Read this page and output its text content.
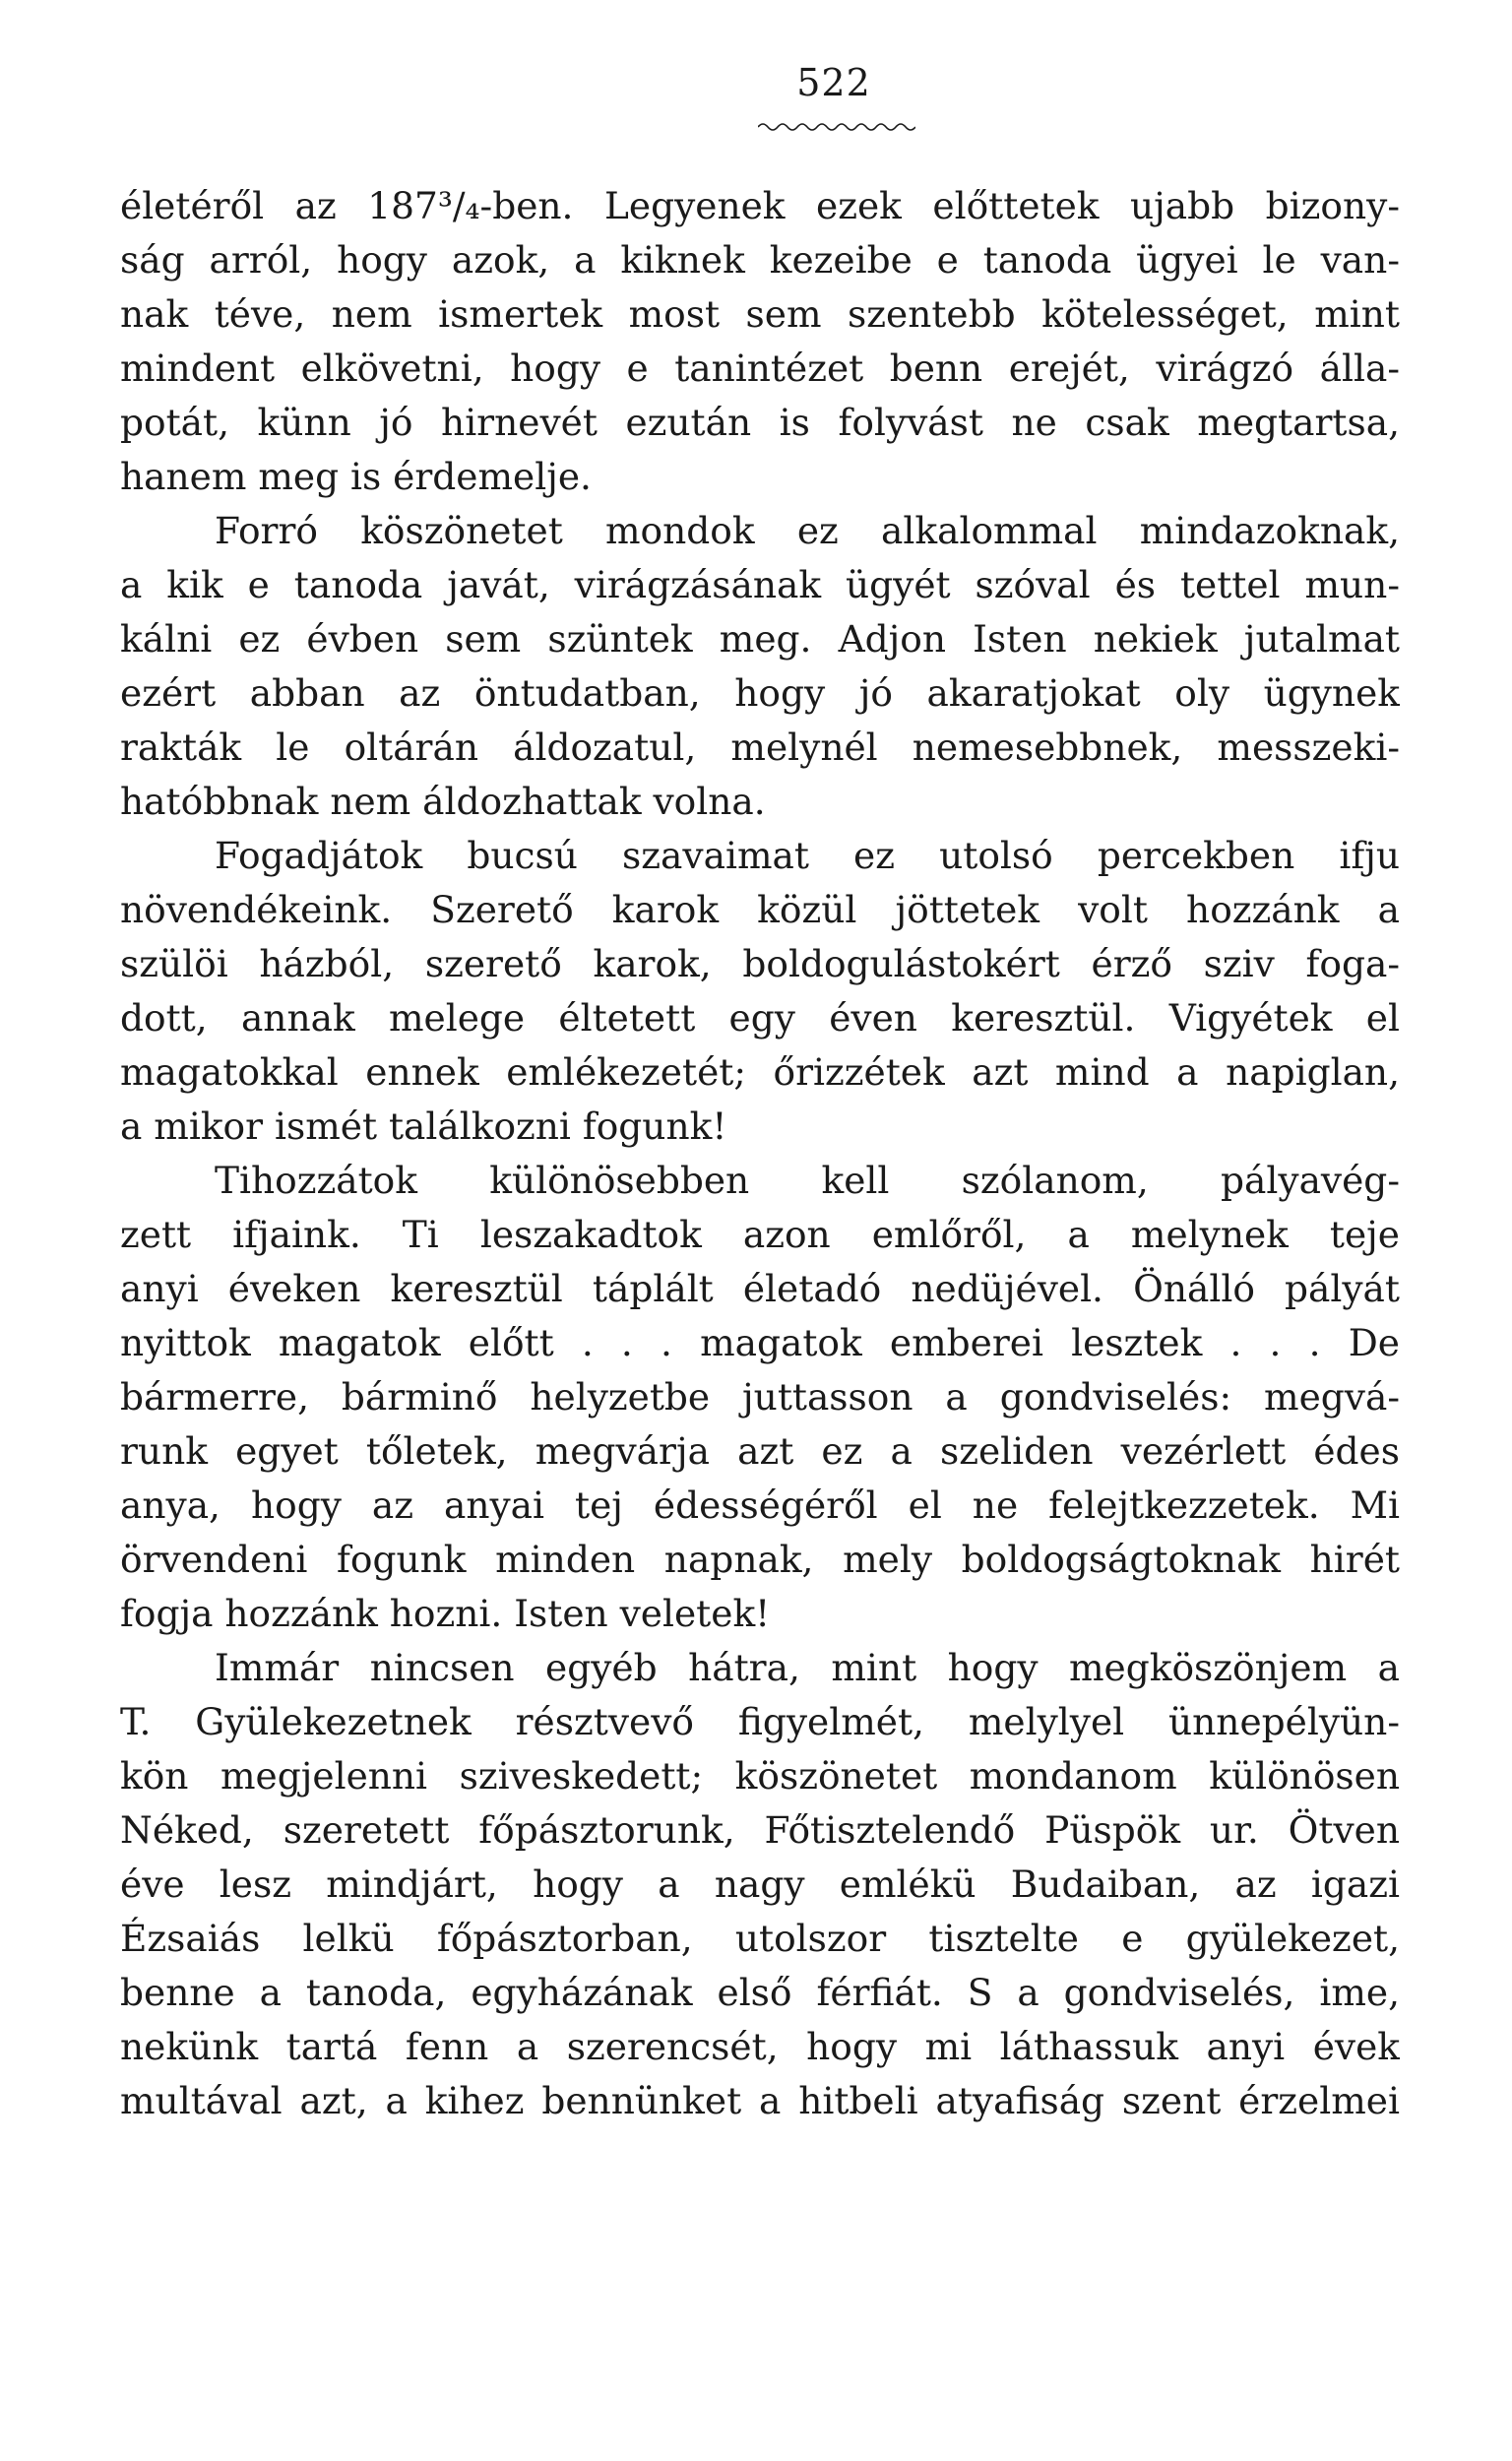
522
életéről az 187³/₄-ben. Legyenek ezek előttetek ujabb bizony-
ság arról, hogy azok, a kiknek kezeibe e tanoda ügyei le van-
nak téve, nem ismertek most sem szentebb kötelességet, mint
mindent elkövetni, hogy e tanintézet benn erejét, virágzó álla-
potát, künn jó hirnevét ezután is folyvást ne csak megtartsa,
hanem meg is érdemelje.
Forró köszönetet mondok ez alkalommal mindazoknak,
a kik e tanoda javát, virágzásának ügyét szóval és tettel mun-
kálni ez évben sem szüntek meg. Adjon Isten nekiek jutalmat
ezért abban az öntudatban, hogy jó akaratjokat oly ügynek
rakták le oltárán áldozatul, melynél nemesebbnek, messzeki-
hatóbbnak nem áldozhattak volna.
Fogadjátok bucsú szavaimat ez utolsó percekben ifju
növendékeink. Szerető karok közül jöttetek volt hozzánk a
szülöi házból, szerető karok, boldogulástokért érző sziv foga-
dott, annak melege éltetett egy éven keresztül. Vigyétek el
magatokkal ennek emlékezetét; őrizzétek azt mind a napiglan,
a mikor ismét találkozni fogunk!
Tihozzátok különösebben kell szólanom, pályavég-
zett ifjaink. Ti leszakadtok azon emlőről, a melynek teje
anyi éveken keresztül táplált életadó nedüjével. Önálló pályát
nyittok magatok előtt . . . magatok emberei lesztek . . . De
bármerre, bárminő helyzetbe juttasson a gondviselés: megvá-
runk egyet tőletek, megvárja azt ez a szeliden vezérlett édes
anya, hogy az anyai tej édességéről el ne felejtkezzetek. Mi
örvendeni fogunk minden napnak, mely boldogságtoknak hirét
fogja hozzánk hozni. Isten veletek!
Immár nincsen egyéb hátra, mint hogy megköszönjem a
T. Gyülekezetnek résztvevő figyelmét, melylyel ünnepélyün-
kön megjelenni sziveskedett; köszönetet mondanom különösen
Néked, szeretett főpásztorunk, Főtisztelendő Püspök ur. Ötven
éve lesz mindjárt, hogy a nagy emlékü Budaiban, az igazi
Ézsaiás lelkü főpásztorban, utolszor tisztelte e gyülekezet,
benne a tanoda, egyházának első férfiát. S a gondviselés, ime,
nekünk tartá fenn a szerencsét, hogy mi láthassuk anyi évek
multával azt, a kihez bennünket a hitbeli atyafiság szent érzelmei
